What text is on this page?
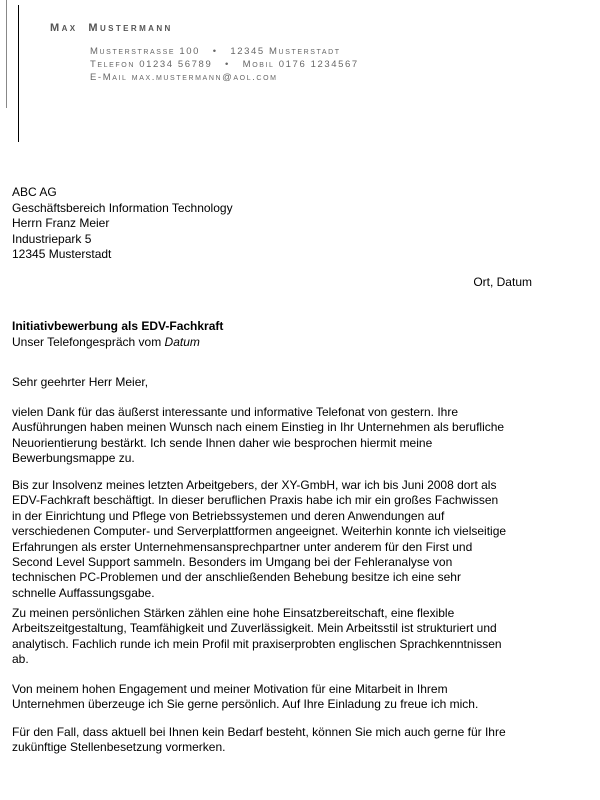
Max Mustermann
Musterstrasse 100   •   12345 Musterstadt
Telefon 01234 56789   •   Mobil 0176 1234567
E-Mail max.mustermann@aol.com
ABC AG
Geschäftsbereich Information Technology
Herrn Franz Meier
Industriepark 5
12345 Musterstadt
Ort, Datum
Initiativbewerbung als EDV-Fachkraft
Unser Telefongespräch vom Datum
Sehr geehrter Herr Meier,
vielen Dank für das äußerst interessante und informative Telefonat von gestern. Ihre
Ausführungen haben meinen Wunsch nach einem Einstieg in Ihr Unternehmen als berufliche
Neuorientierung bestärkt. Ich sende Ihnen daher wie besprochen hiermit meine
Bewerbungsmappe zu.
Bis zur Insolvenz meines letzten Arbeitgebers, der XY-GmbH, war ich bis Juni 2008 dort als
EDV-Fachkraft beschäftigt. In dieser beruflichen Praxis habe ich mir ein großes Fachwissen
in der Einrichtung und Pflege von Betriebssystemen und deren Anwendungen auf
verschiedenen Computer- und Serverplattformen angeeignet. Weiterhin konnte ich vielseitige
Erfahrungen als erster Unternehmensansprechpartner unter anderem für den First und
Second Level Support sammeln. Besonders im Umgang bei der Fehleranalyse von
technischen PC-Problemen und der anschließenden Behebung besitze ich eine sehr
schnelle Auffassungsgabe.
Zu meinen persönlichen Stärken zählen eine hohe Einsatzbereitschaft, eine flexible
Arbeitszeitgestaltung, Teamfähigkeit und Zuverlässigkeit. Mein Arbeitsstil ist strukturiert und
analytisch. Fachlich runde ich mein Profil mit praxiserprobten englischen Sprachkenntnissen
ab.
Von meinem hohen Engagement und meiner Motivation für eine Mitarbeit in Ihrem
Unternehmen überzeuge ich Sie gerne persönlich. Auf Ihre Einladung zu freue ich mich.
Für den Fall, dass aktuell bei Ihnen kein Bedarf besteht, können Sie mich auch gerne für Ihre
zukünftige Stellenbesetzung vormerken.
